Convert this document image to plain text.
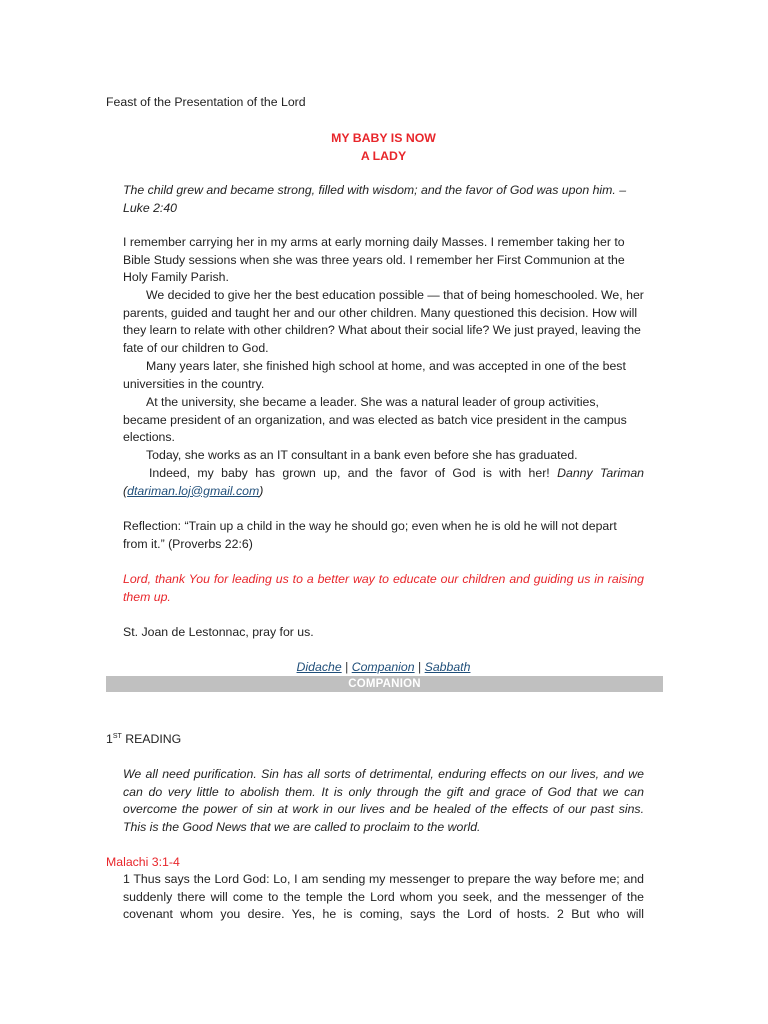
Feast of the Presentation of the Lord

MY BABY IS NOW

A LADY

The child grew and became strong, filled with wisdom; and the favor of God was upon him. – Luke 2:40

I remember carrying her in my arms at early morning daily Masses. I remember taking her to Bible Study sessions when she was three years old. I remember her First Communion at the Holy Family Parish.

We decided to give her the best education possible — that of being homeschooled. We, her parents, guided and taught her and our other children. Many questioned this decision. How will they learn to relate with other children? What about their social life? We just prayed, leaving the fate of our children to God.

Many years later, she finished high school at home, and was accepted in one of the best universities in the country.

At the university, she became a leader. She was a natural leader of group activities, became president of an organization, and was elected as batch vice president in the campus elections.

Today, she works as an IT consultant in a bank even before she has graduated.

Indeed, my baby has grown up, and the favor of God is with her! Danny Tariman (dtariman.loj@gmail.com)

Reflection: “Train up a child in the way he should go; even when he is old he will not depart from it.” (Proverbs 22:6)

Lord, thank You for leading us to a better way to educate our children and guiding us in raising them up.

St. Joan de Lestonnac, pray for us.

Didache | Companion | Sabbath

COMPANION

1ST READING

We all need purification. Sin has all sorts of detrimental, enduring effects on our lives, and we can do very little to abolish them. It is only through the gift and grace of God that we can overcome the power of sin at work in our lives and be healed of the effects of our past sins. This is the Good News that we are called to proclaim to the world.

Malachi 3:1-4

1 Thus says the Lord God: Lo, I am sending my messenger to prepare the way before me; and suddenly there will come to the temple the Lord whom you seek, and the messenger of the covenant whom you desire. Yes, he is coming, says the Lord of hosts. 2 But who will
